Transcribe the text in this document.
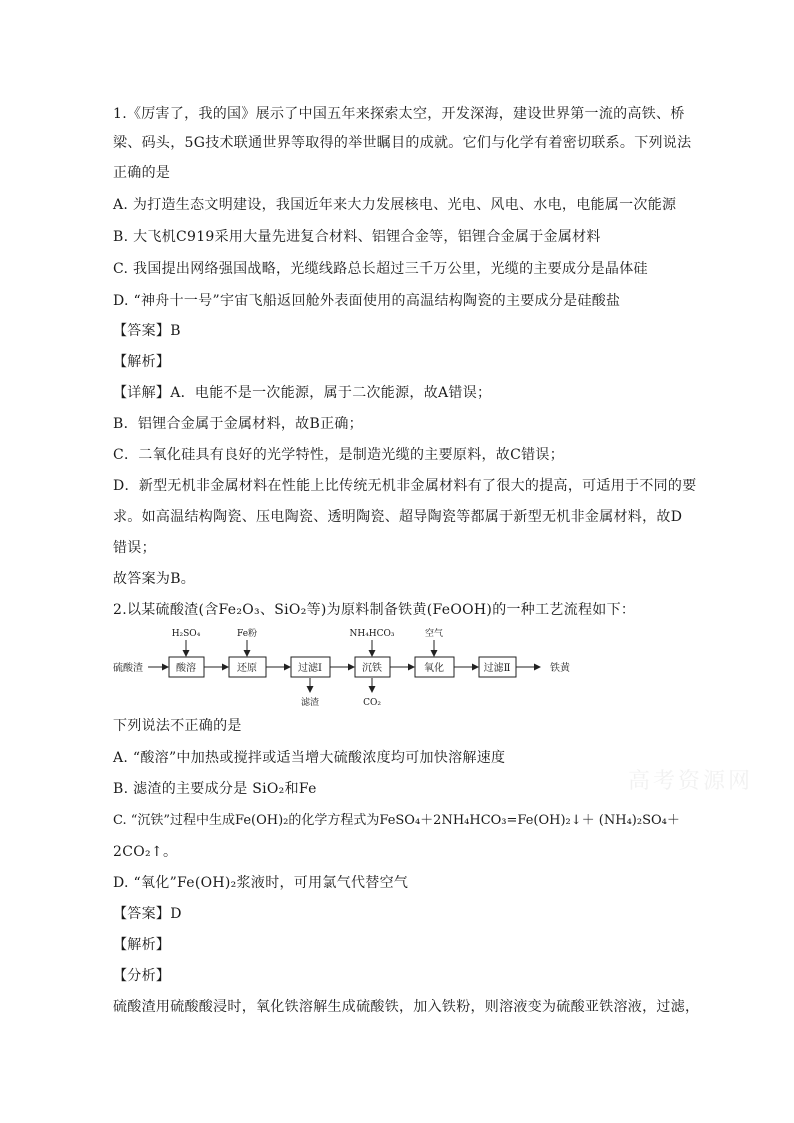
1.《厉害了，我的国》展示了中国五年来探索太空，开发深海，建设世界第一流的高铁、桥
梁、码头，5G技术联通世界等取得的举世瞩目的成就。它们与化学有着密切联系。下列说法
正确的是
A. 为打造生态文明建设，我国近年来大力发展核电、光电、风电、水电，电能属一次能源
B. 大飞机C919采用大量先进复合材料、铝锂合金等，铝锂合金属于金属材料
C. 我国提出网络强国战略，光缆线路总长超过三千万公里，光缆的主要成分是晶体硅
D. “神舟十一号”宇宙飞船返回舱外表面使用的高温结构陶瓷的主要成分是硅酸盐
【答案】B
【解析】
【详解】A．电能不是一次能源，属于二次能源，故A错误；
B．铝锂合金属于金属材料，故B正确；
C．二氧化硅具有良好的光学特性，是制造光缆的主要原料，故C错误；
D．新型无机非金属材料在性能上比传统无机非金属材料有了很大的提高，可适用于不同的要
求。如高温结构陶瓷、压电陶瓷、透明陶瓷、超导陶瓷等都属于新型无机非金属材料，故D
错误；
故答案为B。
2.以某硫酸渣(含Fe₂O₃、SiO₂等)为原料制备铁黄(FeOOH)的一种工艺流程如下：
硫酸渣	酸溶	还原	过滤Ⅰ	沉铁	氧化	过滤Ⅱ	铁黄
H₂SO₄	Fe粉	NH₄HCO₃	空气
滤渣	CO₂
下列说法不正确的是
A. “酸溶”中加热或搅拌或适当增大硫酸浓度均可加快溶解速度
B. 滤渣的主要成分是 SiO₂和Fe
C. “沉铁”过程中生成Fe(OH)₂的化学方程式为FeSO₄＋2NH₄HCO₃=Fe(OH)₂↓＋ (NH₄)₂SO₄＋
2CO₂↑。
D. “氧化”Fe(OH)₂浆液时，可用氯气代替空气
【答案】D
【解析】
【分析】
硫酸渣用硫酸酸浸时，氧化铁溶解生成硫酸铁，加入铁粉，则溶液变为硫酸亚铁溶液，过滤，
高考资源网
